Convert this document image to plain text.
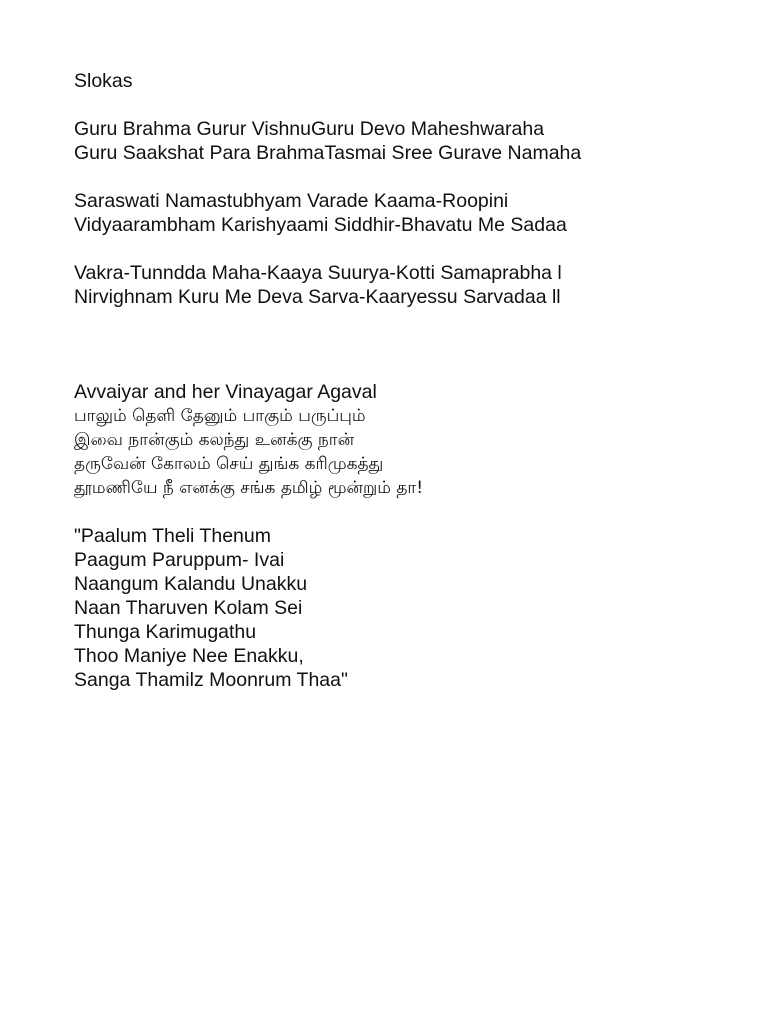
Slokas

Guru Brahma Gurur VishnuGuru Devo Maheshwaraha

Guru Saakshat Para BrahmaTasmai Sree Gurave Namaha

Saraswati Namastubhyam Varade Kaama-Roopini

Vidyaarambham Karishyaami Siddhir-Bhavatu Me Sadaa

Vakra-Tunndda Maha-Kaaya Suurya-Kotti Samaprabha l

Nirvighnam Kuru Me Deva Sarva-Kaaryessu Sarvadaa ll

Avvaiyar and her Vinayagar Agaval

பாலும் தெளி தேனும் பாகும் பருப்பும்

இவை நான்கும் கலந்து உனக்கு நான்

தருவேன் கோலம் செய் துங்க கரிமுகத்து

தூமணியே நீ எனக்கு சங்க தமிழ் மூன்றும் தா!

"Paalum Theli Thenum

Paagum Paruppum- Ivai

Naangum Kalandu Unakku

Naan Tharuven Kolam Sei

Thunga Karimugathu

Thoo Maniye Nee Enakku,

Sanga Thamilz Moonrum Thaa"
